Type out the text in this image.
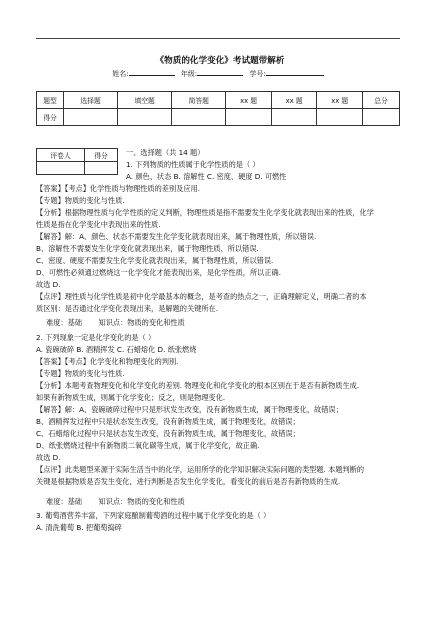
《物质的化学变化》考试题带解析
姓名:	年级:	学号:
题型	选择题	填空题	简答题	xx 题	xx 题	xx 题	总分
得分							
评卷人	得分
		一、选择题（共 14 题）
1. 下列物质的性质属于化学性质的是（ ）
A. 颜色、状态 B. 溶解性 C. 密度、硬度 D. 可燃性
【答案】【考点】化学性质与物理性质的差别及应用.
【专题】物质的变化与性质.
【分析】根据物理性质与化学性质的定义判断，物理性质是指不需要发生化学变化就表现出来的性质，化学
性质是指在化学变化中表现出来的性质.
【解答】解：A、颜色、状态不需要发生化学变化就表现出来，属于物理性质，所以错误.
B、溶解性不需要发生化学变化就表现出来，属于物理性质，所以错误.
C、密度、硬度不需要发生化学变化就表现出来，属于物理性质，所以错误.
D、可燃性必须通过燃烧这一化学变化才能表现出来，是化学性质，所以正确.
故选 D.
【点评】理性质与化学性质是初中化学最基本的概念，是考查的热点之一，正确理解定义，明确二者的本
质区别：是否通过化学变化表现出来，是解题的关键所在.
难度：基础 知识点：物质的变化和性质
2. 下列现象一定是化学变化的是（ ）
A. 瓷碗破碎 B. 酒精挥发 C. 石蜡熔化 D. 纸张燃烧
【答案】【考点】化学变化和物理变化的判别.
【专题】物质的变化与性质.
【分析】本题考查物理变化和化学变化的差别. 物理变化和化学变化的根本区别在于是否有新物质生成.
如果有新物质生成，则属于化学变化；反之，则是物理变化.
【解答】解：A、瓷碗破碎过程中只是形状发生改变，没有新物质生成，属于物理变化，故错误；
B、酒精挥发过程中只是状态发生改变，没有新物质生成，属于物理变化，故错误；
C、石蜡熔化过程中只是状态发生改变，没有新物质生成，属于物理变化，故错误；
D、纸张燃烧过程中有新物质二氧化碳等生成，属于化学变化，故正确.
故选 D.
【点评】此类题型来源于实际生活当中的化学，运用所学的化学知识解决实际问题的类型题. 本题判断的
关键是根据物质是否发生变化，进行判断是否发生化学变化，看变化的前后是否有新物质的生成.
难度：基础 知识点：物质的变化和性质
3. 葡萄酒营养丰富，下列家庭酿制葡萄酒的过程中属于化学变化的是（ ）
A. 清洗葡萄 B. 把葡萄捣碎
